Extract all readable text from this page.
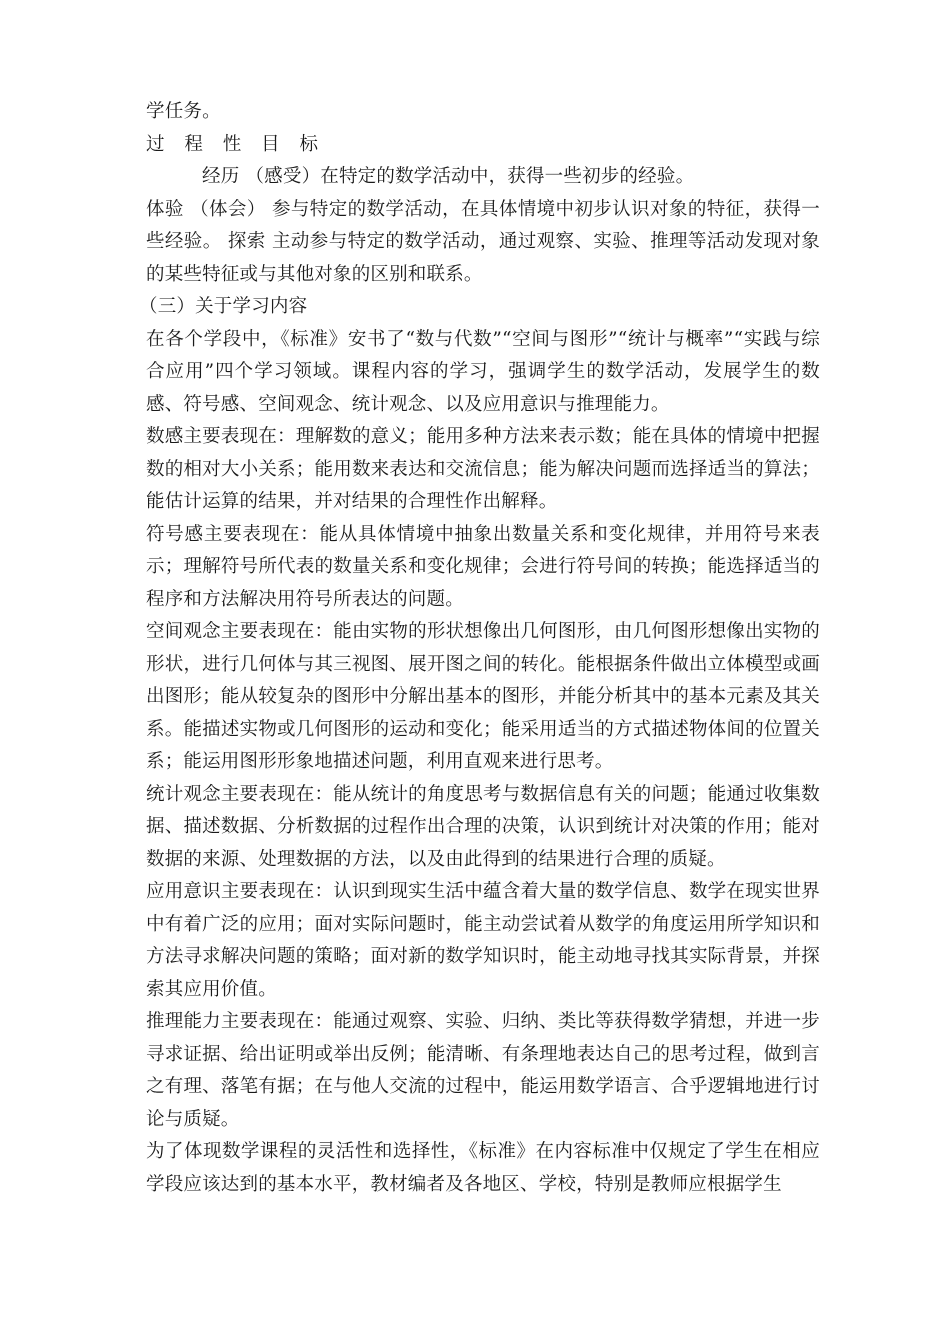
学任务。

过 程 性 目 标

经历 （感受）在特定的数学活动中，获得一些初步的经验。

体验 （体会） 参与特定的数学活动，在具体情境中初步认识对象的特征，获得一些经验。 探索 主动参与特定的数学活动，通过观察、实验、推理等活动发现对象的某些特征或与其他对象的区别和联系。

（三）关于学习内容

在各个学段中，《标准》安书了“数与代数”“空间与图形”“统计与概率”“实践与综合应用”四个学习领域。课程内容的学习，强调学生的数学活动，发展学生的数感、符号感、空间观念、统计观念、以及应用意识与推理能力。

数感主要表现在：理解数的意义；能用多种方法来表示数；能在具体的情境中把握数的相对大小关系；能用数来表达和交流信息；能为解决问题而选择适当的算法；能估计运算的结果，并对结果的合理性作出解释。

符号感主要表现在：能从具体情境中抽象出数量关系和变化规律，并用符号来表示；理解符号所代表的数量关系和变化规律；会进行符号间的转换；能选择适当的程序和方法解决用符号所表达的问题。

空间观念主要表现在：能由实物的形状想像出几何图形，由几何图形想像出实物的形状，进行几何体与其三视图、展开图之间的转化。能根据条件做出立体模型或画出图形；能从较复杂的图形中分解出基本的图形，并能分析其中的基本元素及其关系。能描述实物或几何图形的运动和变化；能采用适当的方式描述物体间的位置关系；能运用图形形象地描述问题，利用直观来进行思考。

统计观念主要表现在：能从统计的角度思考与数据信息有关的问题；能通过收集数据、描述数据、分析数据的过程作出合理的决策，认识到统计对决策的作用；能对数据的来源、处理数据的方法，以及由此得到的结果进行合理的质疑。

应用意识主要表现在：认识到现实生活中蕴含着大量的数学信息、数学在现实世界中有着广泛的应用；面对实际问题时，能主动尝试着从数学的角度运用所学知识和方法寻求解决问题的策略；面对新的数学知识时，能主动地寻找其实际背景，并探索其应用价值。

推理能力主要表现在：能通过观察、实验、归纳、类比等获得数学猜想，并进一步寻求证据、给出证明或举出反例；能清晰、有条理地表达自己的思考过程，做到言之有理、落笔有据；在与他人交流的过程中，能运用数学语言、合乎逻辑地进行讨论与质疑。

为了体现数学课程的灵活性和选择性，《标准》在内容标准中仅规定了学生在相应学段应该达到的基本水平，教材编者及各地区、学校，特别是教师应根据学生
